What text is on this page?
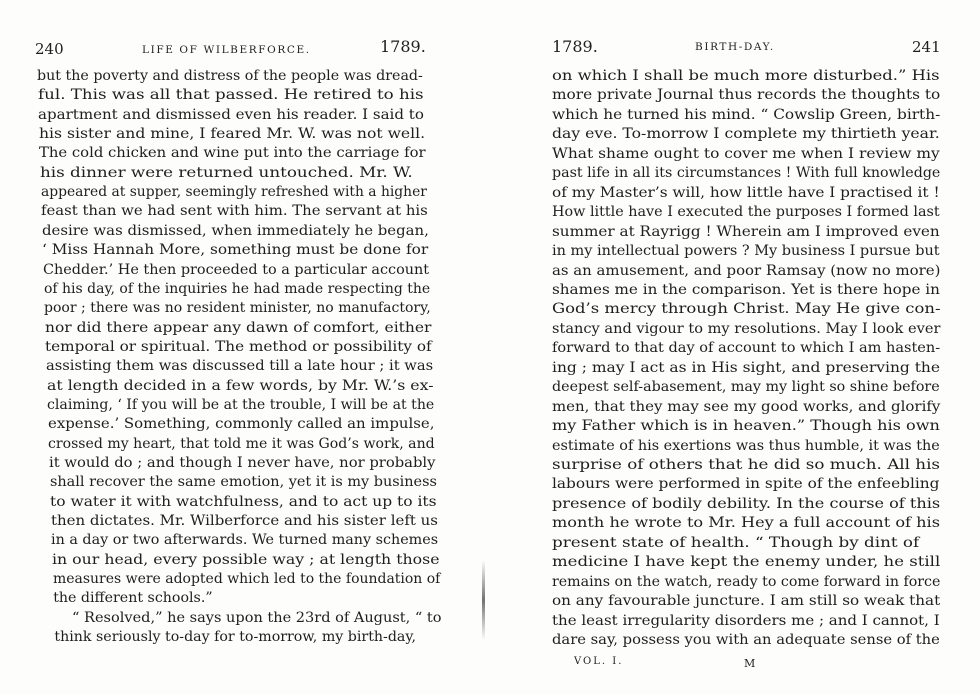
240	LIFE OF WILBERFORCE.	1789.
but the poverty and distress of the people was dread-
ful. This was all that passed. He retired to his
apartment and dismissed even his reader. I said to
his sister and mine, I feared Mr. W. was not well.
The cold chicken and wine put into the carriage for
his dinner were returned untouched. Mr. W.
appeared at supper, seemingly refreshed with a higher
feast than we had sent with him. The servant at his
desire was dismissed, when immediately he began,
‘ Miss Hannah More, something must be done for
Chedder.’ He then proceeded to a particular account
of his day, of the inquiries he had made respecting the
poor ; there was no resident minister, no manufactory,
nor did there appear any dawn of comfort, either
temporal or spiritual. The method or possibility of
assisting them was discussed till a late hour ; it was
at length decided in a few words, by Mr. W.’s ex-
claiming, ‘ If you will be at the trouble, I will be at the
expense.’ Something, commonly called an impulse,
crossed my heart, that told me it was God’s work, and
it would do ; and though I never have, nor probably
shall recover the same emotion, yet it is my business
to water it with watchfulness, and to act up to its
then dictates. Mr. Wilberforce and his sister left us
in a day or two afterwards. We turned many schemes
in our head, every possible way ; at length those
measures were adopted which led to the foundation of
the different schools.”
“ Resolved,” he says upon the 23rd of August, “ to
think seriously to-day for to-morrow, my birth-day,
1789.	BIRTH-DAY.	241
on which I shall be much more disturbed.” His
more private Journal thus records the thoughts to
which he turned his mind. “ Cowslip Green, birth-
day eve. To-morrow I complete my thirtieth year.
What shame ought to cover me when I review my
past life in all its circumstances ! With full knowledge
of my Master’s will, how little have I practised it !
How little have I executed the purposes I formed last
summer at Rayrigg ! Wherein am I improved even
in my intellectual powers ? My business I pursue but
as an amusement, and poor Ramsay (now no more)
shames me in the comparison. Yet is there hope in
God’s mercy through Christ. May He give con-
stancy and vigour to my resolutions. May I look ever
forward to that day of account to which I am hasten-
ing ; may I act as in His sight, and preserving the
deepest self-abasement, may my light so shine before
men, that they may see my good works, and glorify
my Father which is in heaven.” Though his own
estimate of his exertions was thus humble, it was the
surprise of others that he did so much. All his
labours were performed in spite of the enfeebling
presence of bodily debility. In the course of this
month he wrote to Mr. Hey a full account of his
present state of health. “ Though by dint of
medicine I have kept the enemy under, he still
remains on the watch, ready to come forward in force
on any favourable juncture. I am still so weak that
the least irregularity disorders me ; and I cannot, I
dare say, possess you with an adequate sense of the
VOL. I.	M
